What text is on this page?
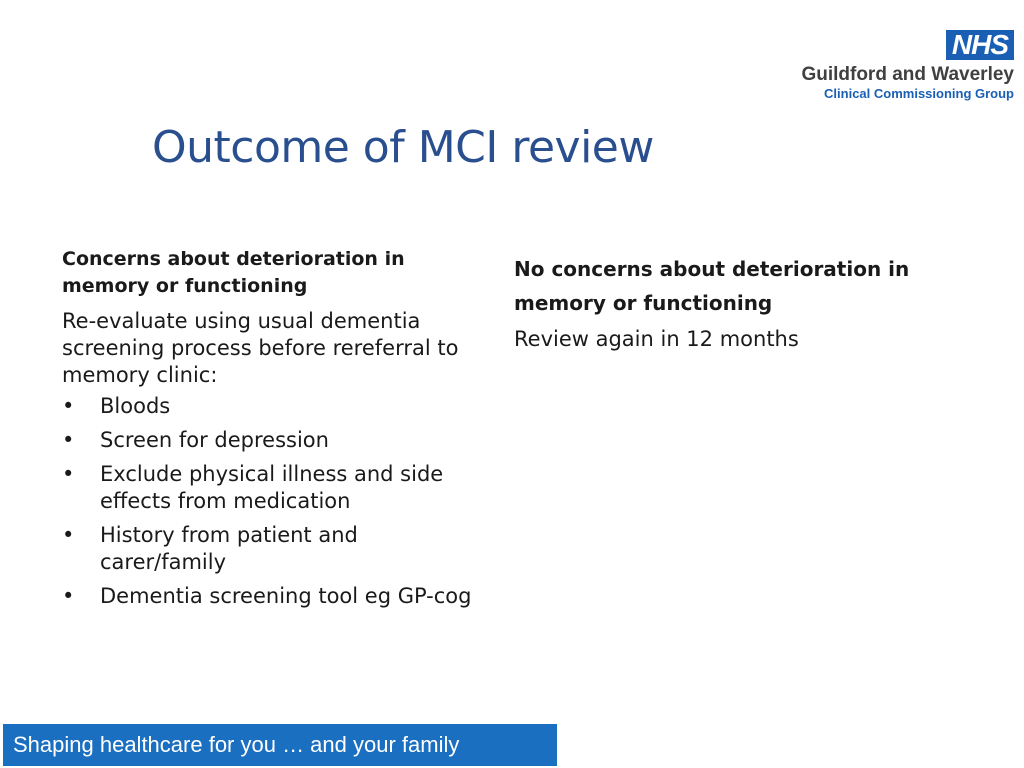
NHS
Guildford and Waverley
Clinical Commissioning Group
Outcome of MCI review

Concerns about deterioration in memory or functioning

Re-evaluate using usual dementia screening process before rereferral to memory clinic:

•	Bloods
•	Screen for depression
•	Exclude physical illness and side effects from medication
•	History from patient and carer/family
•	Dementia screening tool eg GP-cog

No concerns about deterioration in memory or functioning

Review again in 12 months

Shaping healthcare for you … and your family
